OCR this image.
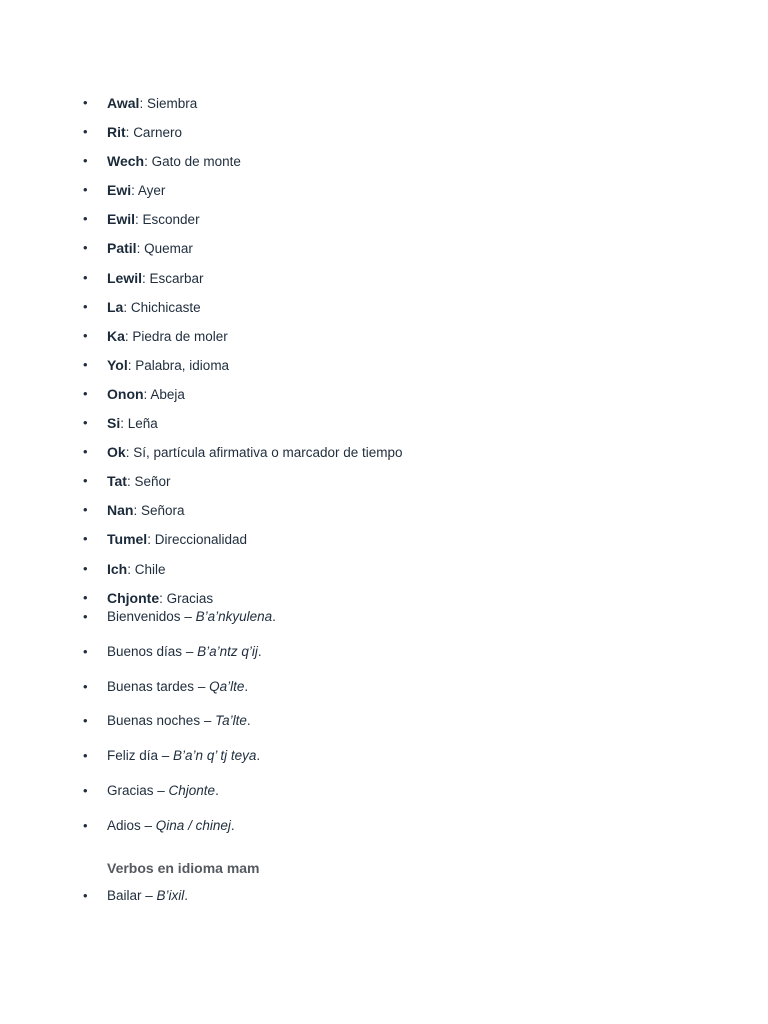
• Awal: Siembra
• Rit: Carnero
• Wech: Gato de monte
• Ewi: Ayer
• Ewil: Esconder
• Patil: Quemar
• Lewil: Escarbar
• La: Chichicaste
• Ka: Piedra de moler
• Yol: Palabra, idioma
• Onon: Abeja
• Si: Leña
• Ok: Sí, partícula afirmativa o marcador de tiempo
• Tat: Señor
• Nan: Señora
• Tumel: Direccionalidad
• Ich: Chile
• Chjonte: Gracias
• Bienvenidos – B’a’nkyulena.
• Buenos días – B’a’ntz q’ij.
• Buenas tardes – Qa’lte.
• Buenas noches – Ta’lte.
• Feliz día – B’a’n q’ tj teya.
• Gracias – Chjonte.
• Adios – Qina / chinej.
Verbos en idioma mam
• Bailar – B’ixil.
